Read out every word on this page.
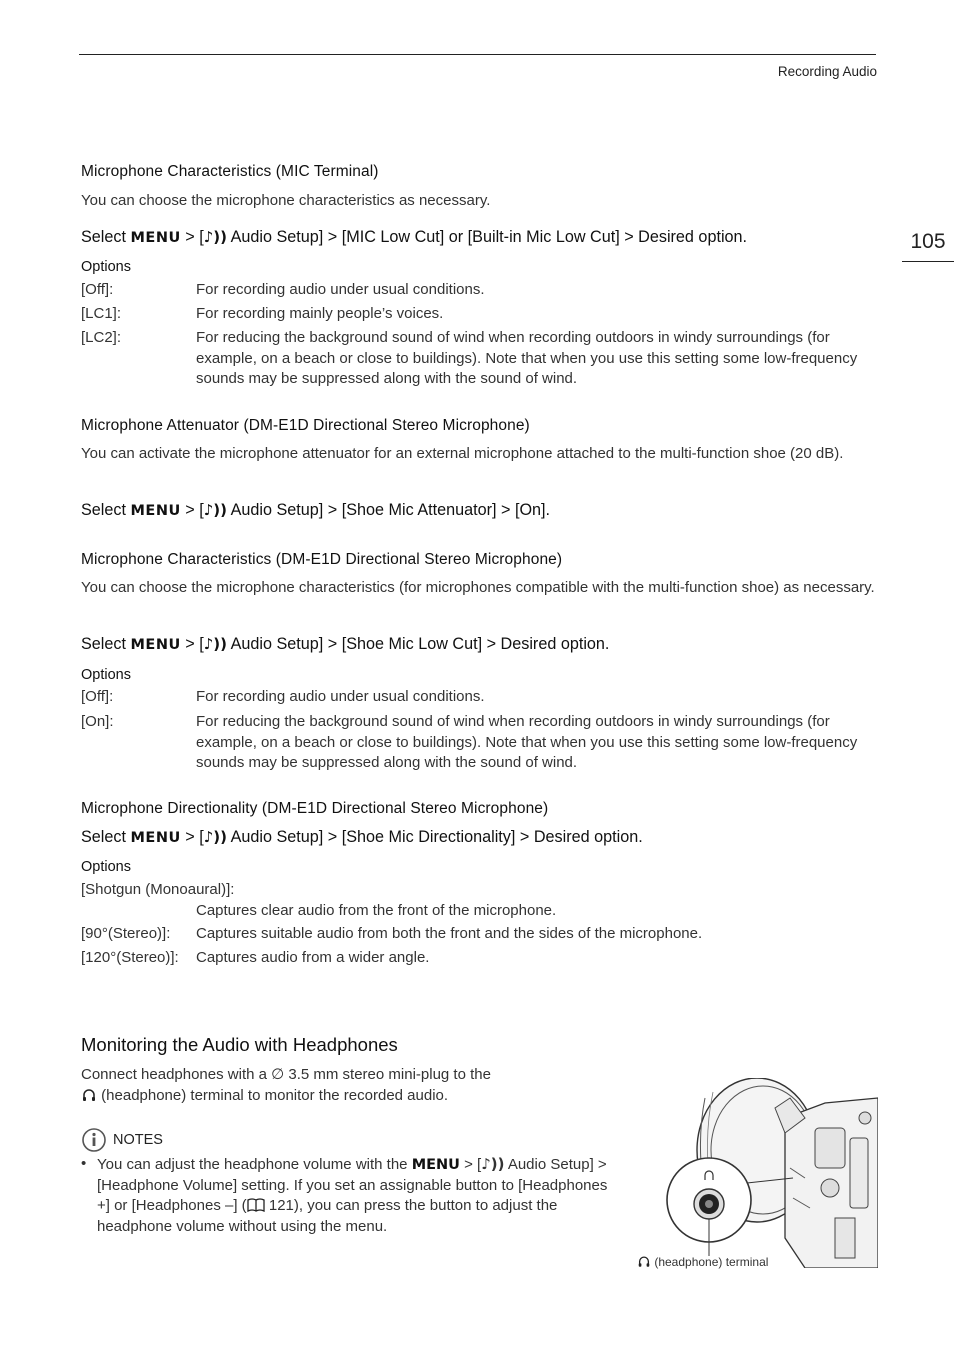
Recording Audio
105
Microphone Characteristics (MIC Terminal)
You can choose the microphone characteristics as necessary.
Select MENU > [♪)) Audio Setup] > [MIC Low Cut] or [Built-in Mic Low Cut] > Desired option.
Options
[Off]:	For recording audio under usual conditions.
[LC1]:	For recording mainly people’s voices.
[LC2]:	For reducing the background sound of wind when recording outdoors in windy surroundings (for example, on a beach or close to buildings). Note that when you use this setting some low-frequency sounds may be suppressed along with the sound of wind.
Microphone Attenuator (DM-E1D Directional Stereo Microphone)
You can activate the microphone attenuator for an external microphone attached to the multi-function shoe (20 dB).
Select MENU > [♪)) Audio Setup] > [Shoe Mic Attenuator] > [On].
Microphone Characteristics (DM-E1D Directional Stereo Microphone)
You can choose the microphone characteristics (for microphones compatible with the multi-function shoe) as necessary.
Select MENU > [♪)) Audio Setup] > [Shoe Mic Low Cut] > Desired option.
Options
[Off]:	For recording audio under usual conditions.
[On]:	For reducing the background sound of wind when recording outdoors in windy surroundings (for example, on a beach or close to buildings). Note that when you use this setting some low-frequency sounds may be suppressed along with the sound of wind.
Microphone Directionality (DM-E1D Directional Stereo Microphone)
Select MENU > [♪)) Audio Setup] > [Shoe Mic Directionality] > Desired option.
Options
[Shotgun (Monoaural)]:
Captures clear audio from the front of the microphone.
[90°(Stereo)]: Captures suitable audio from both the front and the sides of the microphone.
[120°(Stereo)]: Captures audio from a wider angle.
Monitoring the Audio with Headphones
Connect headphones with a ∅ 3.5 mm stereo mini-plug to the
(headphone) terminal to monitor the recorded audio.
NOTES
• You can adjust the headphone volume with the MENU > [♪)) Audio Setup] > [Headphone Volume] setting. If you set an assignable button to [Headphones +] or [Headphones –] ( 121), you can press the button to adjust the headphone volume without using the menu.
(headphone) terminal
